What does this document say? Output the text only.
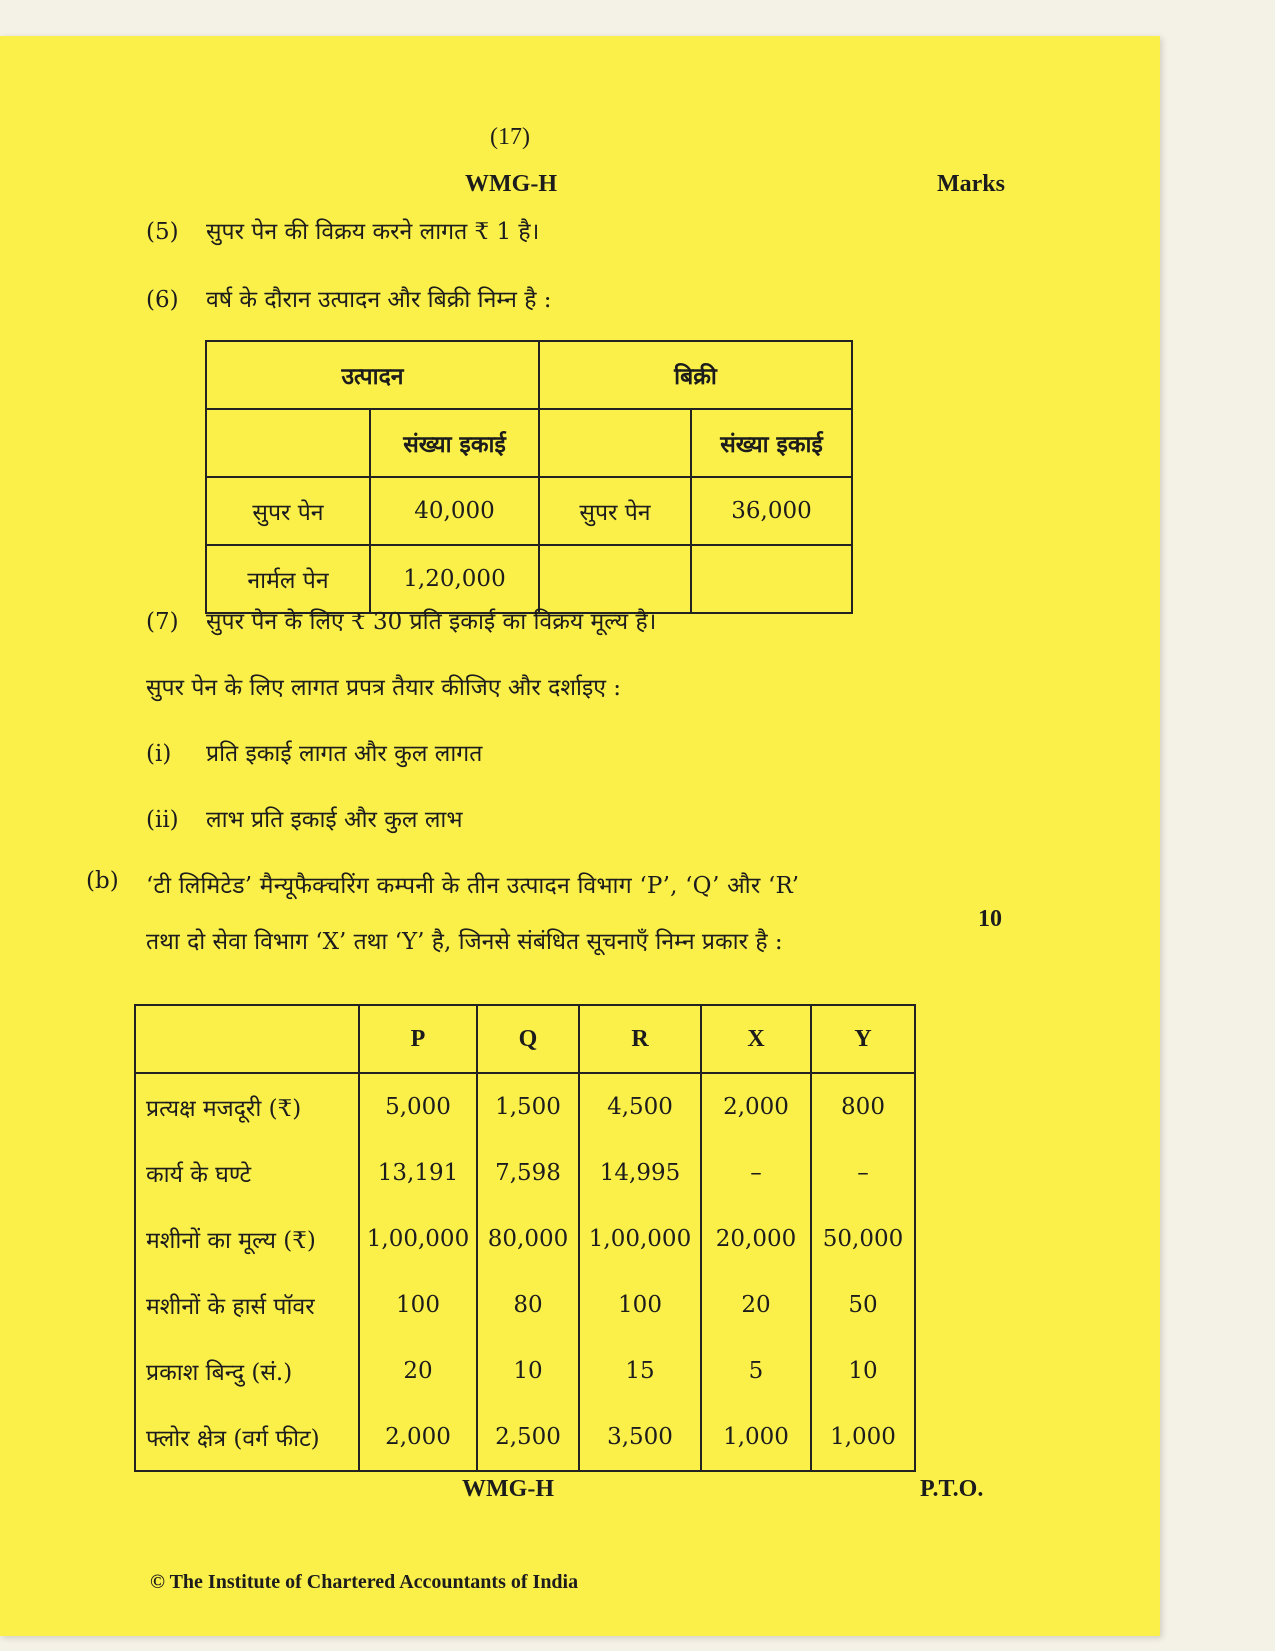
(17)
WMG-H	Marks
(5) सुपर पेन की विक्रय करने लागत ₹ 1 है।
(6) वर्ष के दौरान उत्पादन और बिक्री निम्न है :
उत्पादन		बिक्री	
	संख्या इकाई		संख्या इकाई
सुपर पेन	40,000	सुपर पेन	36,000
नार्मल पेन	1,20,000		
(7) सुपर पेन के लिए ₹ 30 प्रति इकाई का विक्रय मूल्य है।
सुपर पेन के लिए लागत प्रपत्र तैयार कीजिए और दर्शाइए :
(i) प्रति इकाई लागत और कुल लागत
(ii) लाभ प्रति इकाई और कुल लाभ
(b) ‘टी लिमिटेड’ मैन्यूफैक्चरिंग कम्पनी के तीन उत्पादन विभाग ‘P’, ‘Q’ और ‘R’
10
तथा दो सेवा विभाग ‘X’ तथा ‘Y’ है, जिनसे संबंधित सूचनाएँ निम्न प्रकार है :
	P	Q	R	X	Y
प्रत्यक्ष मजदूरी (₹)	5,000	1,500	4,500	2,000	800
कार्य के घण्टे	13,191	7,598	14,995	–	–
मशीनों का मूल्य (₹)	1,00,000	80,000	1,00,000	20,000	50,000
मशीनों के हार्स पॉवर	100	80	100	20	50
प्रकाश बिन्दु (सं.)	20	10	15	5	10
फ्लोर क्षेत्र (वर्ग फीट)	2,000	2,500	3,500	1,000	1,000
WMG-H	P.T.O.
© The Institute of Chartered Accountants of India
